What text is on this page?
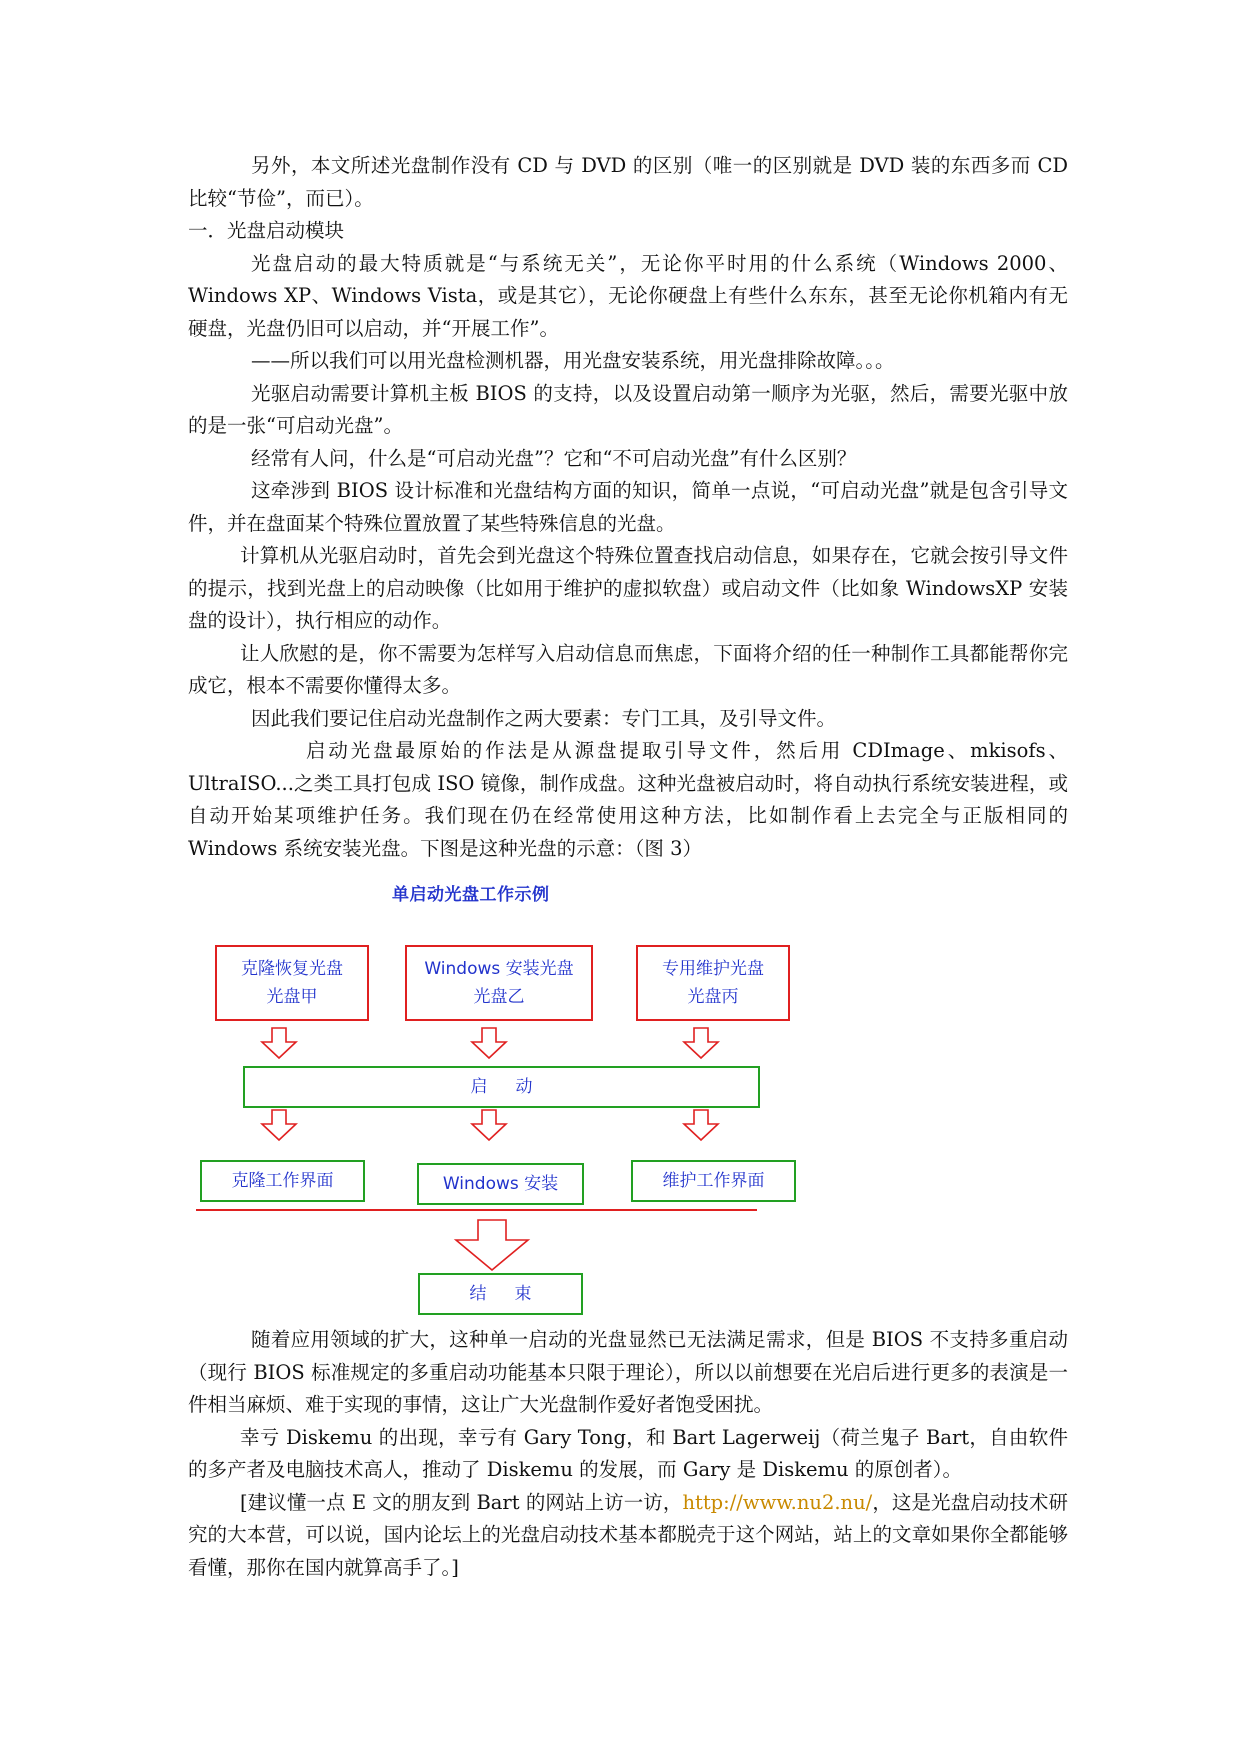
另外，本文所述光盘制作没有 CD 与 DVD 的区别（唯一的区别就是 DVD 装的东西多而 CD 比较“节俭”，而已）。

一．光盘启动模块

光盘启动的最大特质就是“与系统无关”，无论你平时用的什么系统（Windows 2000、Windows XP、Windows Vista，或是其它），无论你硬盘上有些什么东东，甚至无论你机箱内有无硬盘，光盘仍旧可以启动，并“开展工作”。

——所以我们可以用光盘检测机器，用光盘安装系统，用光盘排除故障。。。

光驱启动需要计算机主板 BIOS 的支持，以及设置启动第一顺序为光驱，然后，需要光驱中放的是一张“可启动光盘”。

经常有人问，什么是“可启动光盘”？它和“不可启动光盘”有什么区别？

这牵涉到 BIOS 设计标准和光盘结构方面的知识，简单一点说，“可启动光盘”就是包含引导文件，并在盘面某个特殊位置放置了某些特殊信息的光盘。

计算机从光驱启动时，首先会到光盘这个特殊位置查找启动信息，如果存在，它就会按引导文件的提示，找到光盘上的启动映像（比如用于维护的虚拟软盘）或启动文件（比如象 WindowsXP 安装盘的设计），执行相应的动作。

让人欣慰的是，你不需要为怎样写入启动信息而焦虑，下面将介绍的任一种制作工具都能帮你完成它，根本不需要你懂得太多。

因此我们要记住启动光盘制作之两大要素：专门工具，及引导文件。

启动光盘最原始的作法是从源盘提取引导文件，然后用 CDImage、mkisofs、UltraISO...之类工具打包成 ISO 镜像，制作成盘。这种光盘被启动时，将自动执行系统安装进程，或自动开始某项维护任务。我们现在仍在经常使用这种方法，比如制作看上去完全与正版相同的 Windows 系统安装光盘。下图是这种光盘的示意：（图 3）

单启动光盘工作示例
克隆恢复光盘
光盘甲
Windows 安装光盘
光盘乙
专用维护光盘
光盘丙
启动
克隆工作界面	Windows 安装	维护工作界面
结束

随着应用领域的扩大，这种单一启动的光盘显然已无法满足需求，但是 BIOS 不支持多重启动（现行 BIOS 标准规定的多重启动功能基本只限于理论），所以以前想要在光启后进行更多的表演是一件相当麻烦、难于实现的事情，这让广大光盘制作爱好者饱受困扰。

幸亏 Diskemu 的出现，幸亏有 Gary Tong，和 Bart Lagerweij（荷兰鬼子 Bart，自由软件的多产者及电脑技术高人，推动了 Diskemu 的发展，而 Gary 是 Diskemu 的原创者）。

[建议懂一点 E 文的朋友到 Bart 的网站上访一访，http://www.nu2.nu/，这是光盘启动技术研究的大本营，可以说，国内论坛上的光盘启动技术基本都脱壳于这个网站，站上的文章如果你全都能够看懂，那你在国内就算高手了。]
